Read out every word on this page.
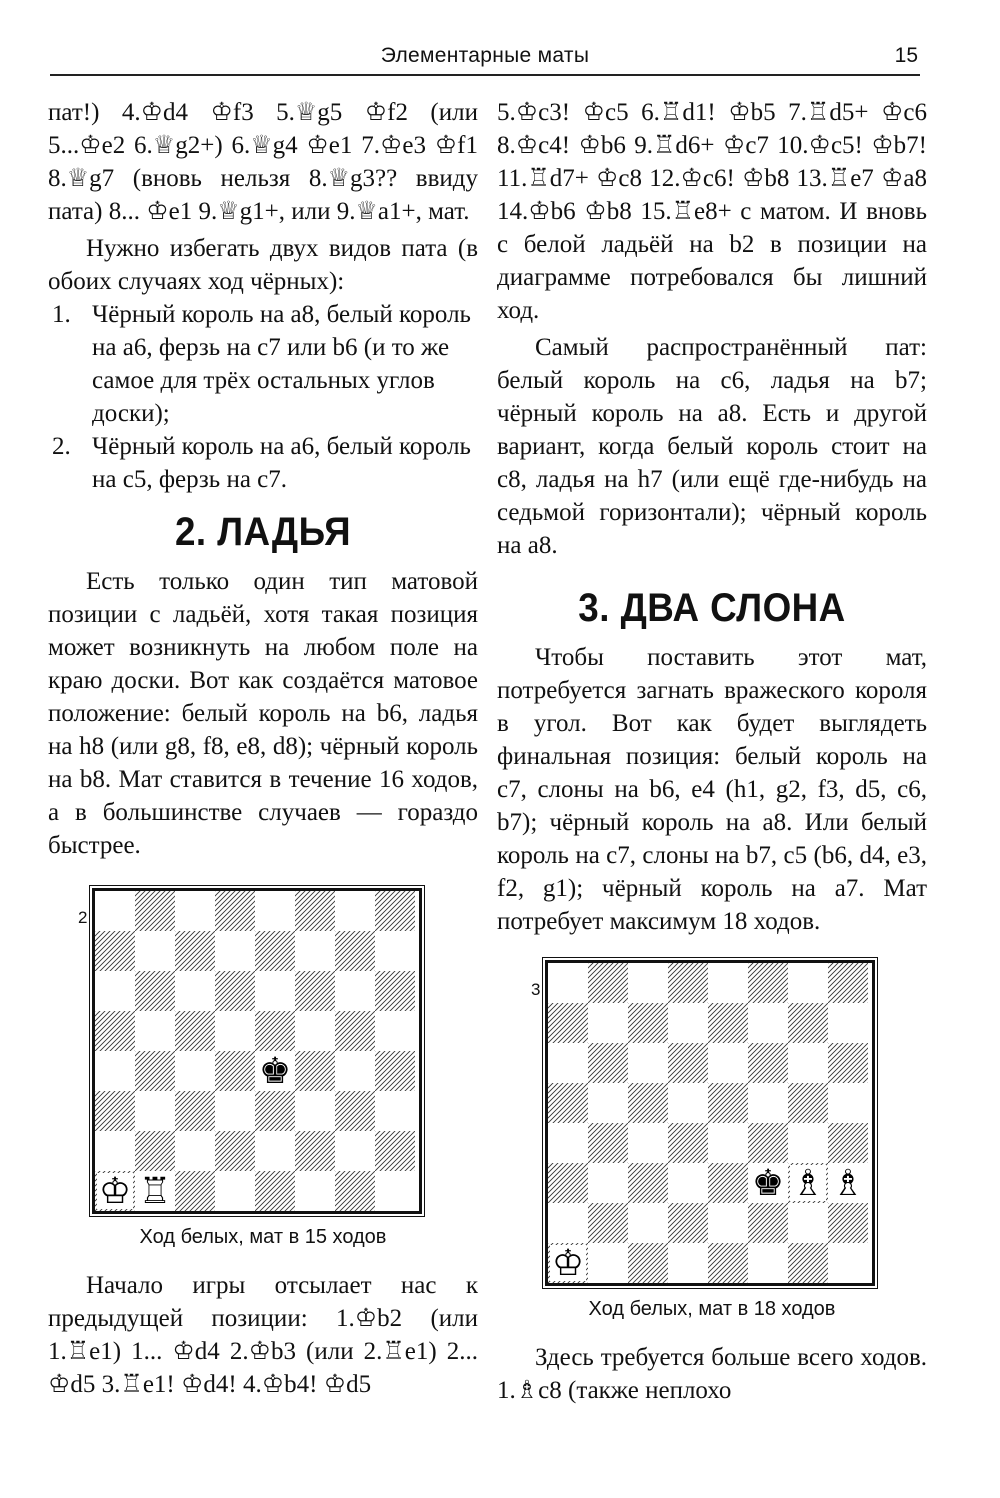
Элементарные маты	15

пат!) 4.♔d4 ♔f3 5.♕g5 ♔f2 (или 5...♔e2 6.♕g2+) 6.♕g4 ♔e1 7.♔e3 ♔f1 8.♕g7 (вновь нельзя 8.♕g3?? ввиду пата) 8... ♔e1 9.♕g1+, или 9.♕a1+, мат.

Нужно избегать двух видов пата (в обоих случаях ход чёрных):

1. Чёрный король на a8, белый король на a6, ферзь на c7 или b6 (и то же самое для трёх остальных углов доски);
2. Чёрный король на a6, белый король на c5, ферзь на c7.
2. ЛАДЬЯ

Есть только один тип матовой позиции с ладьёй, хотя такая позиция может возникнуть на любом поле на краю доски. Вот как создаётся матовое положение: белый король на b6, ладья на h8 (или g8, f8, e8, d8); чёрный король на b8. Мат ставится в течение 16 ходов, а в большинстве случаев — гораздо быстрее.

2
♚
♔ ♖
Ход белых, мат в 15 ходов

Начало игры отсылает нас к предыдущей позиции: 1.♔b2 (или 1.♖e1) 1... ♔d4 2.♔b3 (или 2.♖e1) 2... ♔d5 3.♖e1! ♔d4! 4.♔b4! ♔d5

5.♔c3! ♔c5 6.♖d1! ♔b5 7.♖d5+ ♔c6 8.♔c4! ♔b6 9.♖d6+ ♔c7 10.♔c5! ♔b7! 11.♖d7+ ♔c8 12.♔c6! ♔b8 13.♖e7 ♔a8 14.♔b6 ♔b8 15.♖e8+ с матом. И вновь с белой ладьёй на b2 в позиции на диаграмме потребовался бы лишний ход.

Самый распространённый пат: белый король на c6, ладья на b7; чёрный король на a8. Есть и другой вариант, когда белый король стоит на c8, ладья на h7 (или ещё где-нибудь на седьмой горизонтали); чёрный король на a8.

3. ДВА СЛОНА

Чтобы поставить этот мат, потребуется загнать вражеского короля в угол. Вот как будет выглядеть финальная позиция: белый король на c7, слоны на b6, e4 (h1, g2, f3, d5, c6, b7); чёрный король на a8. Или белый король на c7, слоны на b7, c5 (b6, d4, e3, f2, g1); чёрный король на a7. Мат потребует максимум 18 ходов.

3
♚ ♗ ♗
♔
Ход белых, мат в 18 ходов

Здесь требуется больше всего ходов. 1.♗c8 (также неплохо
